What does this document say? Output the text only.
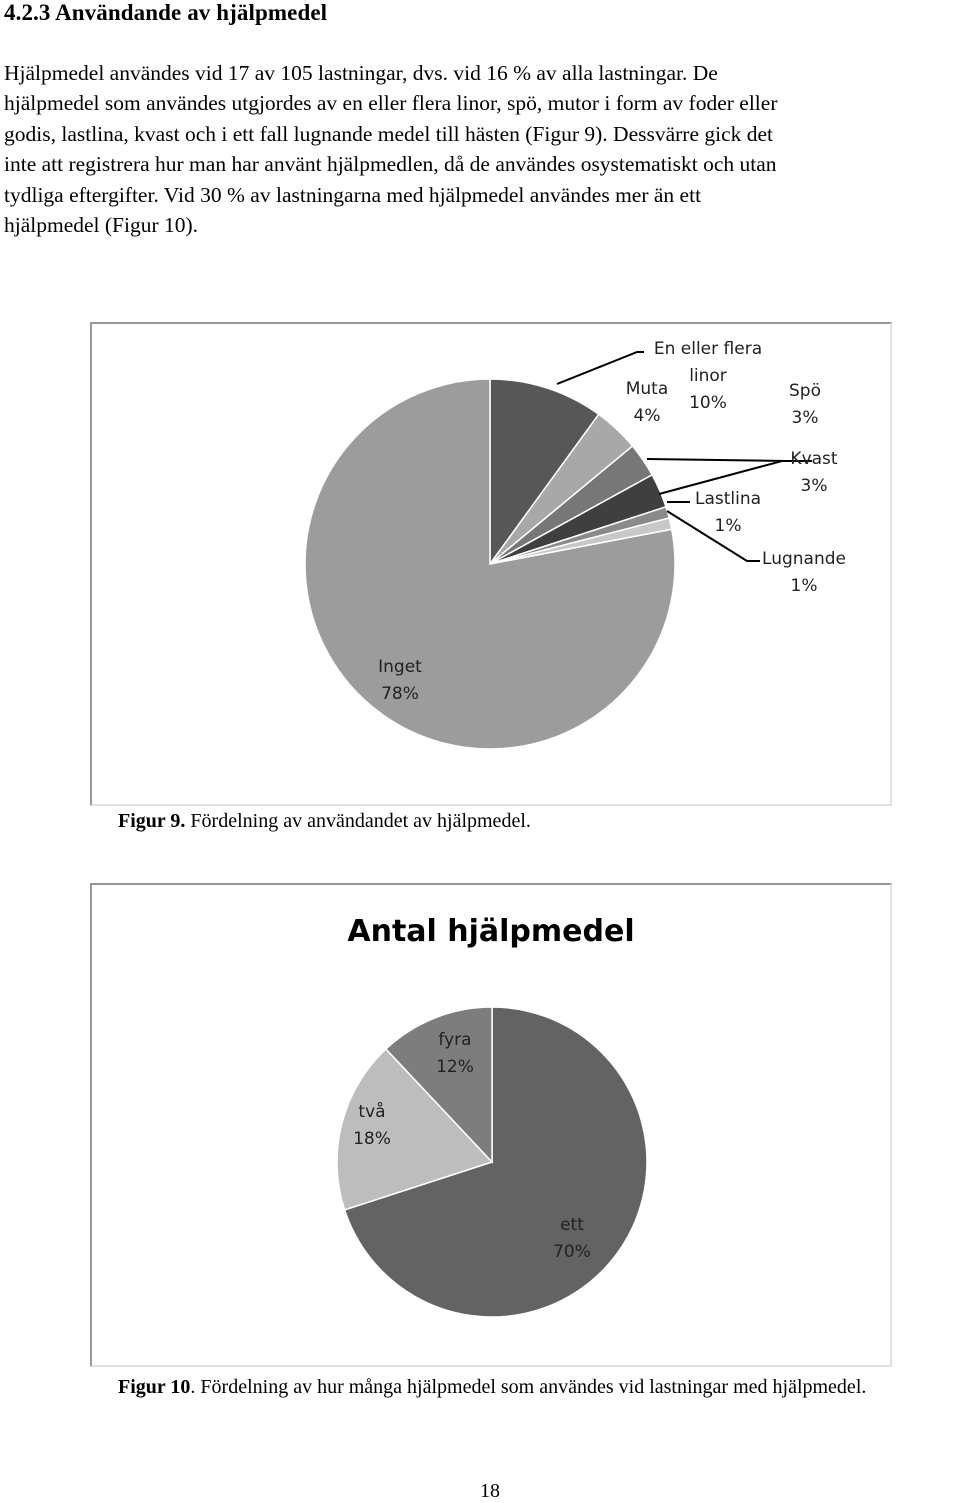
4.2.3 Användande av hjälpmedel
Hjälpmedel användes vid 17 av 105 lastningar, dvs. vid 16 % av alla lastningar. De
hjälpmedel som användes utgjordes av en eller flera linor, spö, mutor i form av foder eller
godis, lastlina, kvast och i ett fall lugnande medel till hästen (Figur 9). Dessvärre gick det
inte att registrera hur man har använt hjälpmedlen, då de användes osystematiskt och utan
tydliga eftergifter. Vid 30 % av lastningarna med hjälpmedel användes mer än ett
hjälpmedel (Figur 10).
En eller flera
linor
10%
Muta
4%
Spö
3%
Kvast
3%
Lastlina
1%
Lugnande
1%
Inget
78%

Figur 9. Fördelning av användandet av hjälpmedel.

Antal hjälpmedel
ett
70%
två
18%
fyra
12%

Figur 10. Fördelning av hur många hjälpmedel som användes vid lastningar med hjälpmedel.

18
